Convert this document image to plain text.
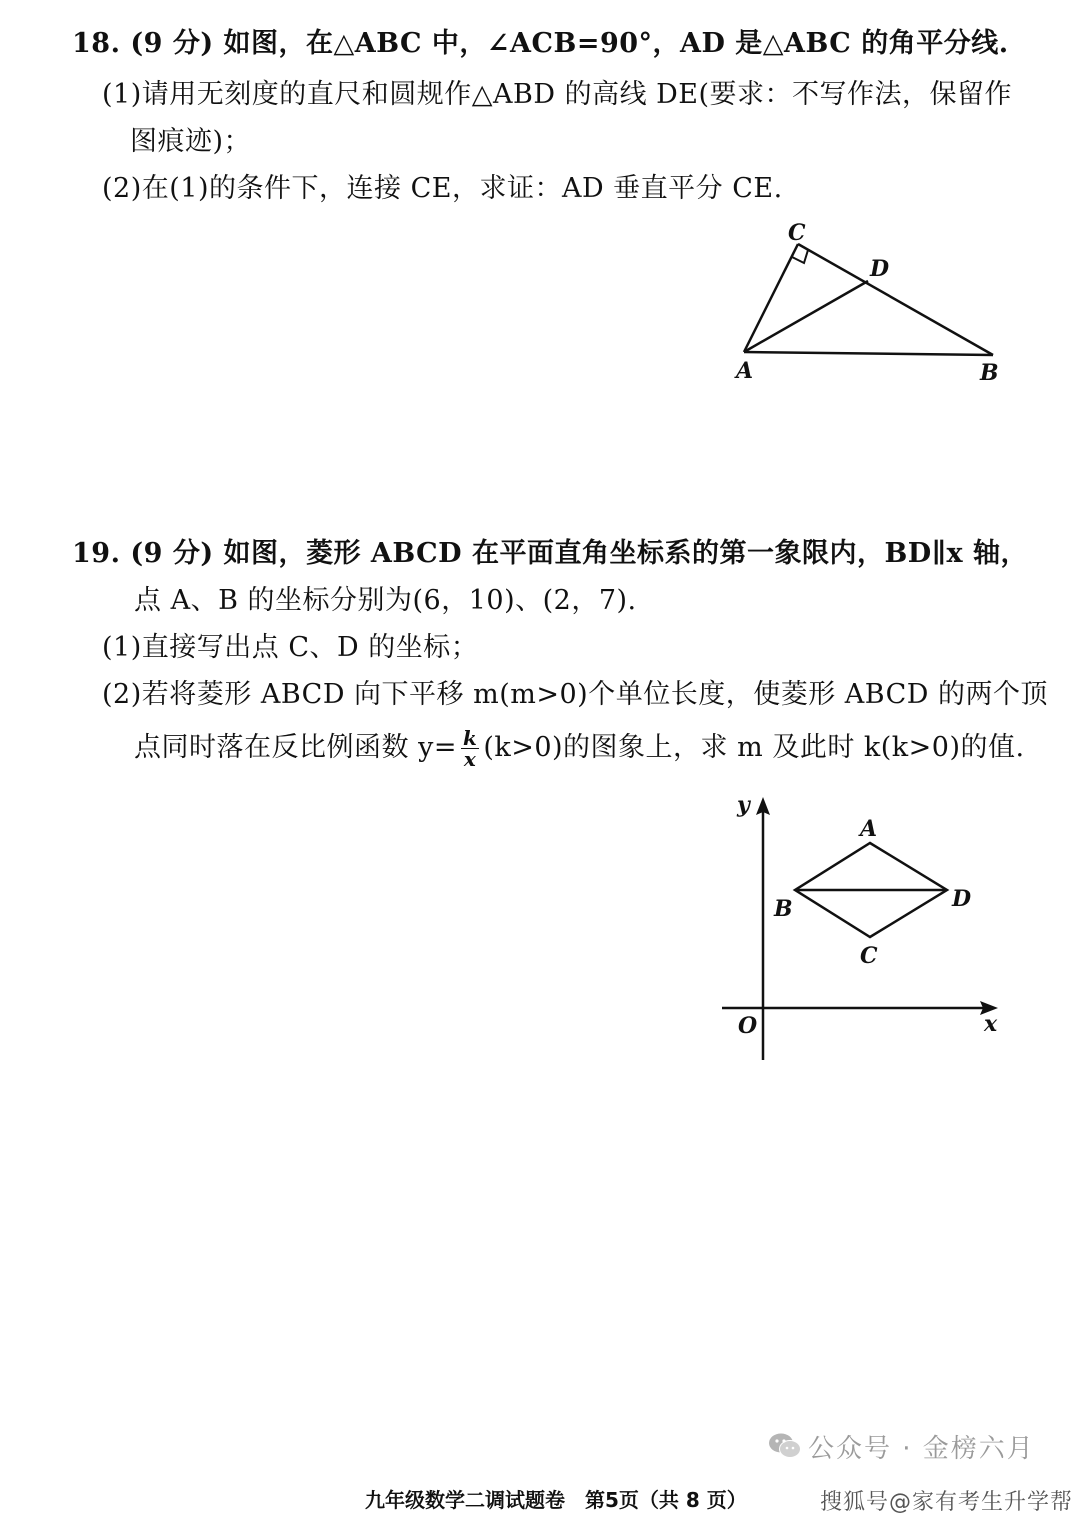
18. (9 分) 如图，在△ABC 中，∠ACB=90°，AD 是△ABC 的角平分线.
(1)请用无刻度的直尺和圆规作△ABD 的高线 DE(要求：不写作法，保留作
图痕迹)；
(2)在(1)的条件下，连接 CE，求证：AD 垂直平分 CE.
C
D
A	B
19. (9 分) 如图，菱形 ABCD 在平面直角坐标系的第一象限内，BD∥x 轴，
点 A、B 的坐标分别为(6，10)、(2，7).
(1)直接写出点 C、D 的坐标；
(2)若将菱形 ABCD 向下平移 m(m>0)个单位长度，使菱形 ABCD 的两个顶
点同时落在反比例函数 $y= \frac{k}{x} (k>0)$的图象上，求 m 及此时 k(k>0)的值.
y
A
B	D
C
O	x
九年级数学二调试题卷　第5页（共 8 页）
公众号 · 金榜六月
搜狐号@家有考生升学帮
